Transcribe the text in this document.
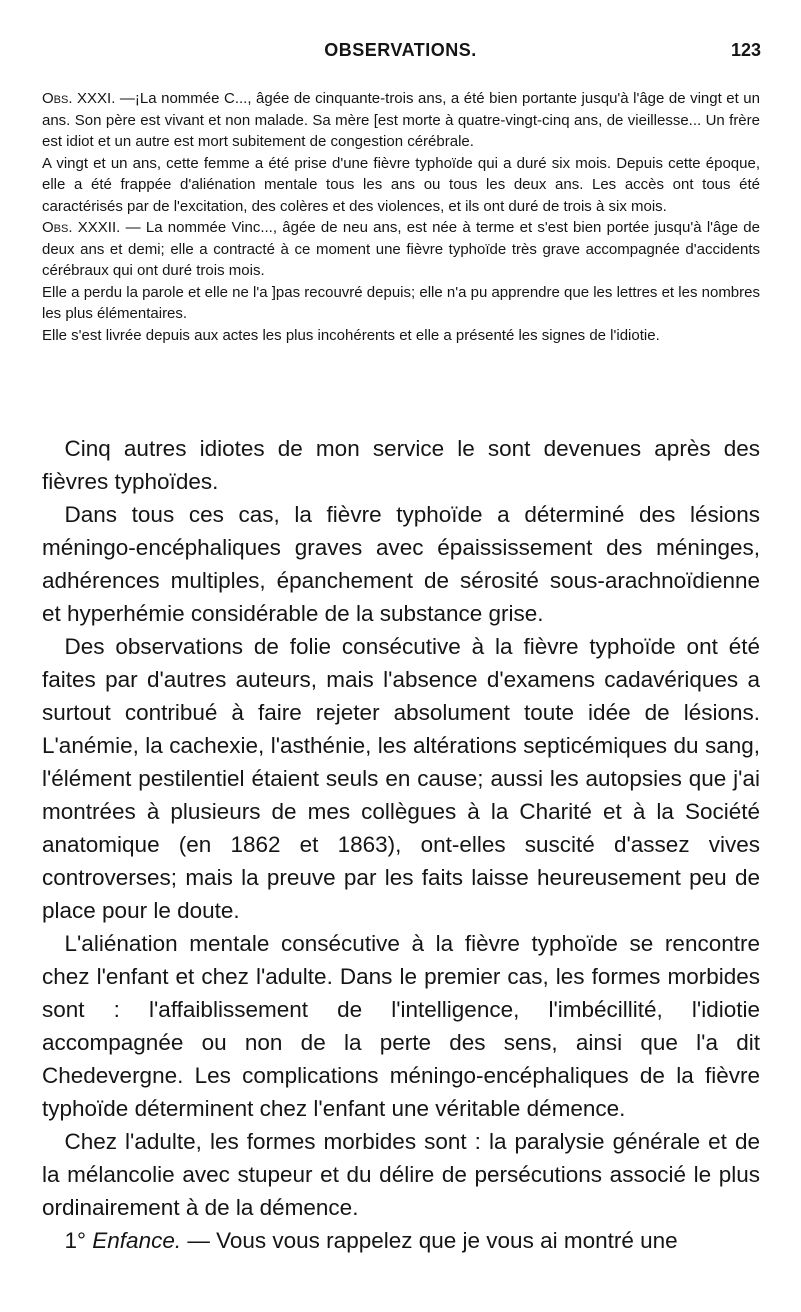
OBSERVATIONS.	123

Obs. XXXI. —¡La nommée C..., âgée de cinquante-trois ans, a été bien portante jusqu'à l'âge de vingt et un ans. Son père est vivant et non malade. Sa mère [est morte à quatre-vingt-cinq ans, de vieillesse... Un frère est idiot et un autre est mort subitement de congestion cérébrale.

A vingt et un ans, cette femme a été prise d'une fièvre typhoïde qui a duré six mois. Depuis cette époque, elle a été frappée d'aliénation mentale tous les ans ou tous les deux ans. Les accès ont tous été caractérisés par de l'excitation, des colères et des violences, et ils ont duré de trois à six mois.

Obs. XXXII. — La nommée Vinc..., âgée de neu ans, est née à terme et s'est bien portée jusqu'à l'âge de deux ans et demi; elle a contracté à ce moment une fièvre typhoïde très grave accompagnée d'accidents cérébraux qui ont duré trois mois.

Elle a perdu la parole et elle ne l'a ]pas recouvré depuis; elle n'a pu apprendre que les lettres et les nombres les plus élémentaires.

Elle s'est livrée depuis aux actes les plus incohérents et elle a présenté les signes de l'idiotie.

Cinq autres idiotes de mon service le sont devenues après des fièvres typhoïdes.

Dans tous ces cas, la fièvre typhoïde a déterminé des lésions méningo-encéphaliques graves avec épaississement des méninges, adhérences multiples, épanchement de sérosité sous-arachnoïdienne et hyperhémie considérable de la substance grise.

Des observations de folie consécutive à la fièvre typhoïde ont été faites par d'autres auteurs, mais l'absence d'examens cadavériques a surtout contribué à faire rejeter absolument toute idée de lésions. L'anémie, la cachexie, l'asthénie, les altérations septicémiques du sang, l'élément pestilentiel étaient seuls en cause; aussi les autopsies que j'ai montrées à plusieurs de mes collègues à la Charité et à la Société anatomique (en 1862 et 1863), ont-elles suscité d'assez vives controverses; mais la preuve par les faits laisse heureusement peu de place pour le doute.

L'aliénation mentale consécutive à la fièvre typhoïde se rencontre chez l'enfant et chez l'adulte. Dans le premier cas, les formes morbides sont : l'affaiblissement de l'intelligence, l'imbécillité, l'idiotie accompagnée ou non de la perte des sens, ainsi que l'a dit Chedevergne. Les complications méningo-encéphaliques de la fièvre typhoïde déterminent chez l'enfant une véritable démence.

Chez l'adulte, les formes morbides sont : la paralysie générale et de la mélancolie avec stupeur et du délire de persécutions associé le plus ordinairement à de la démence.

1° Enfance. — Vous vous rappelez que je vous ai montré une
